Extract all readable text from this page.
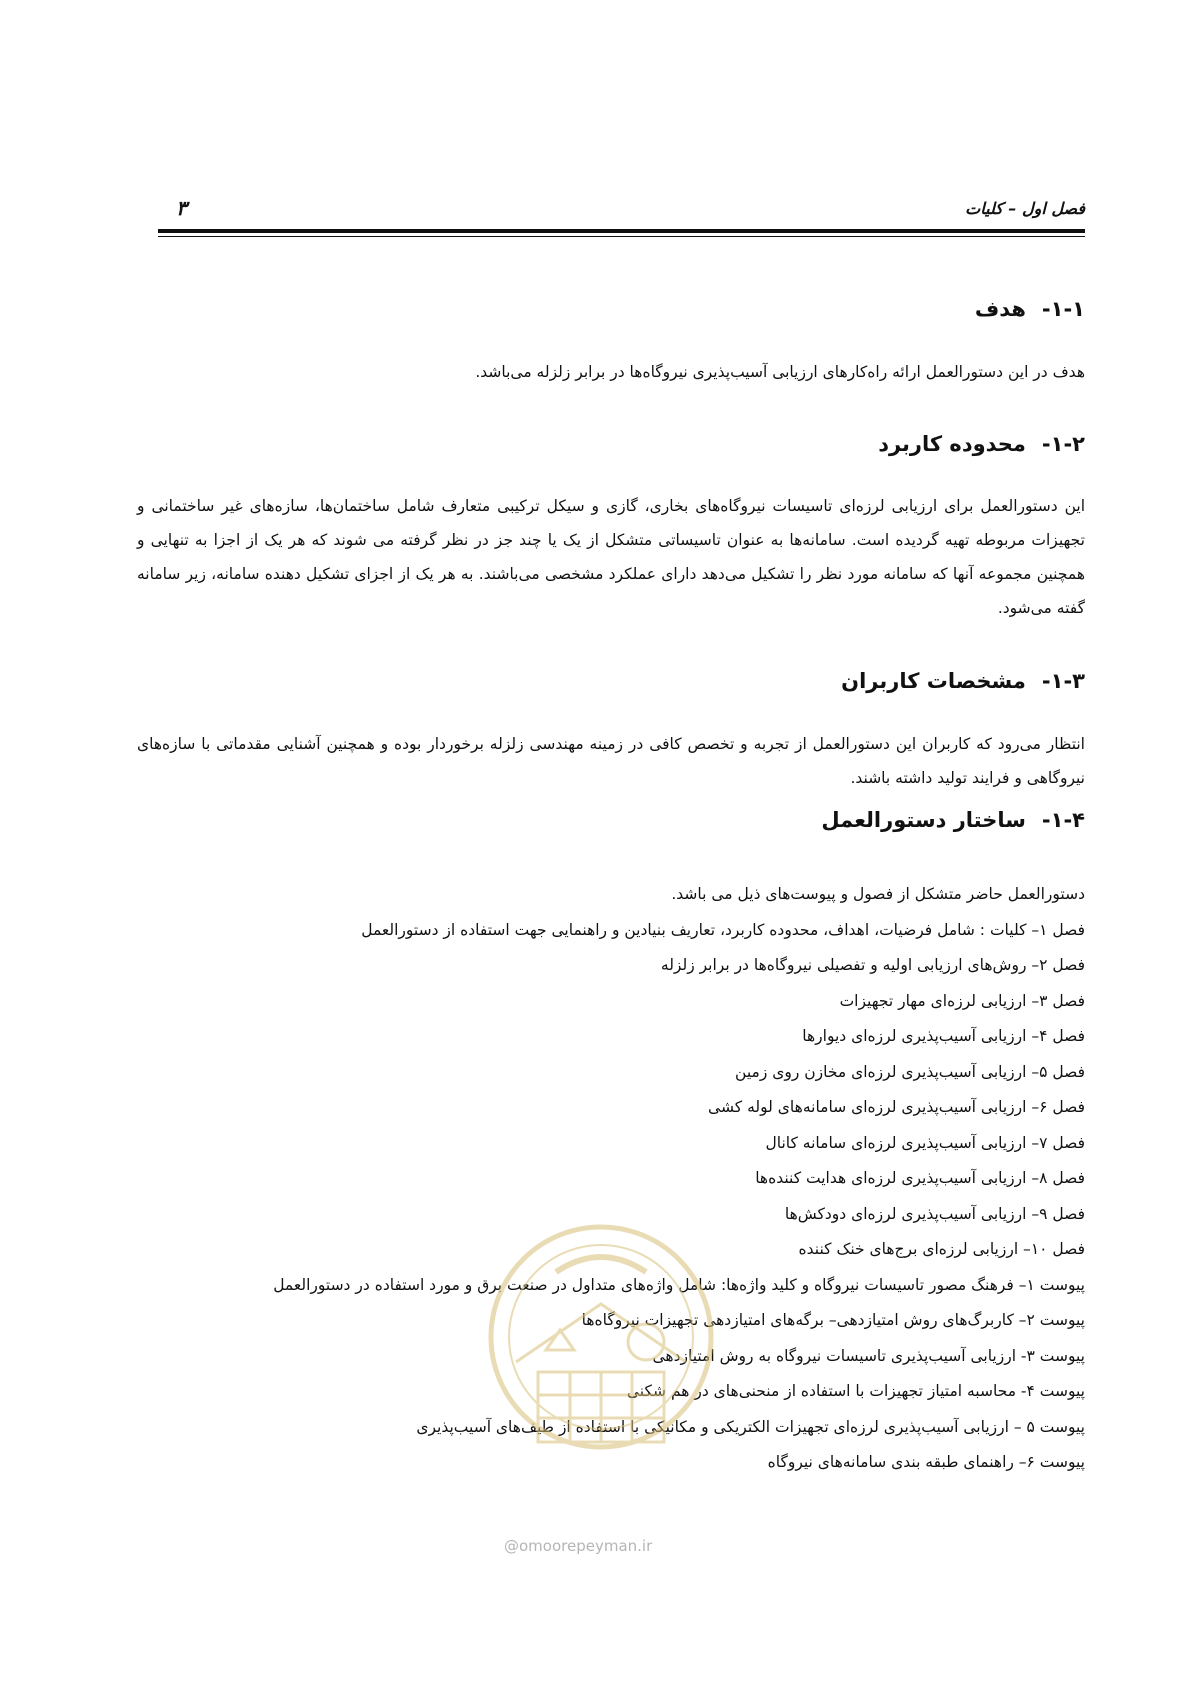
فصل اول – کلیات
۳
۱-۱-هدف
هدف در این دستورالعمل ارائه راه‌کارهای ارزیابی آسیب‌پذیری نیروگاه‌ها در برابر زلزله می‌باشد.
۱-۲-محدوده کاربرد
این دستورالعمل برای ارزیابی لرزه‌ای تاسیسات نیروگاه‌های بخاری، گازی و سیکل ترکیبی متعارف شامل ساختمان‌ها، سازه‌های غیر ساختمانی و تجهیزات مربوطه تهیه گردیده است. سامانه‌ها به عنوان تاسیساتی متشکل از یک یا چند جز در نظر گرفته می شوند که هر یک از اجزا به تنهایی و همچنین مجموعه آنها که سامانه مورد نظر را تشکیل می‌دهد دارای عملکرد مشخصی می‌باشند. به هر یک از اجزای تشکیل دهنده سامانه، زیر سامانه گفته می‌شود.
۱-۳-مشخصات کاربران
انتظار می‌رود که کاربران این دستورالعمل از تجربه و تخصص کافی در زمینه مهندسی زلزله برخوردار بوده و همچنین آشنایی مقدماتی با سازه‌های نیروگاهی و فرایند تولید داشته باشند.
۱-۴-ساختار دستورالعمل
دستورالعمل حاضر متشکل از فصول و پیوست‌های ذیل می باشد.
فصل ۱– کلیات : شامل فرضیات، اهداف، محدوده کاربرد، تعاریف بنیادین و راهنمایی جهت استفاده از دستورالعمل
فصل ۲– روش‌های ارزیابی اولیه و تفصیلی نیروگاه‌ها در برابر زلزله
فصل ۳– ارزیابی لرزه‌ای مهار تجهیزات
فصل ۴– ارزیابی آسیب‌پذیری لرزه‌ای دیوارها
فصل ۵– ارزیابی آسیب‌پذیری لرزه‌ای مخازن روی زمین
فصل ۶– ارزیابی آسیب‌پذیری لرزه‌ای سامانه‌های لوله کشی
فصل ۷– ارزیابی آسیب‌پذیری لرزه‌ای سامانه کانال
فصل ۸– ارزیابی آسیب‌پذیری لرزه‌ای هدایت کننده‌ها
فصل ۹– ارزیابی آسیب‌پذیری لرزه‌ای دودکش‌ها
فصل ۱۰– ارزیابی لرزه‌ای برج‌های خنک کننده
پیوست ۱– فرهنگ مصور تاسیسات نیروگاه و کلید واژه‌ها: شامل واژه‌های متداول در صنعت برق و مورد استفاده در دستورالعمل
پیوست ۲– کاربرگ‌های روش امتیازدهی– برگه‌های امتیازدهی تجهیزات نیروگاه‌ها
پیوست ۳- ارزیابی آسیب‌پذیری تاسیسات نیروگاه به روش امتیازدهی
پیوست ۴- محاسبه امتیاز تجهیزات با استفاده از منحنی‌های در هم شکنی
پیوست ۵ – ارزیابی آسیب‌پذیری لرزه‌ای تجهیزات الکتریکی و مکانیکی با استفاده از طیف‌های آسیب‌پذیری
پیوست ۶– راهنمای طبقه بندی سامانه‌های نیروگاه
@omoorepeyman.ir
